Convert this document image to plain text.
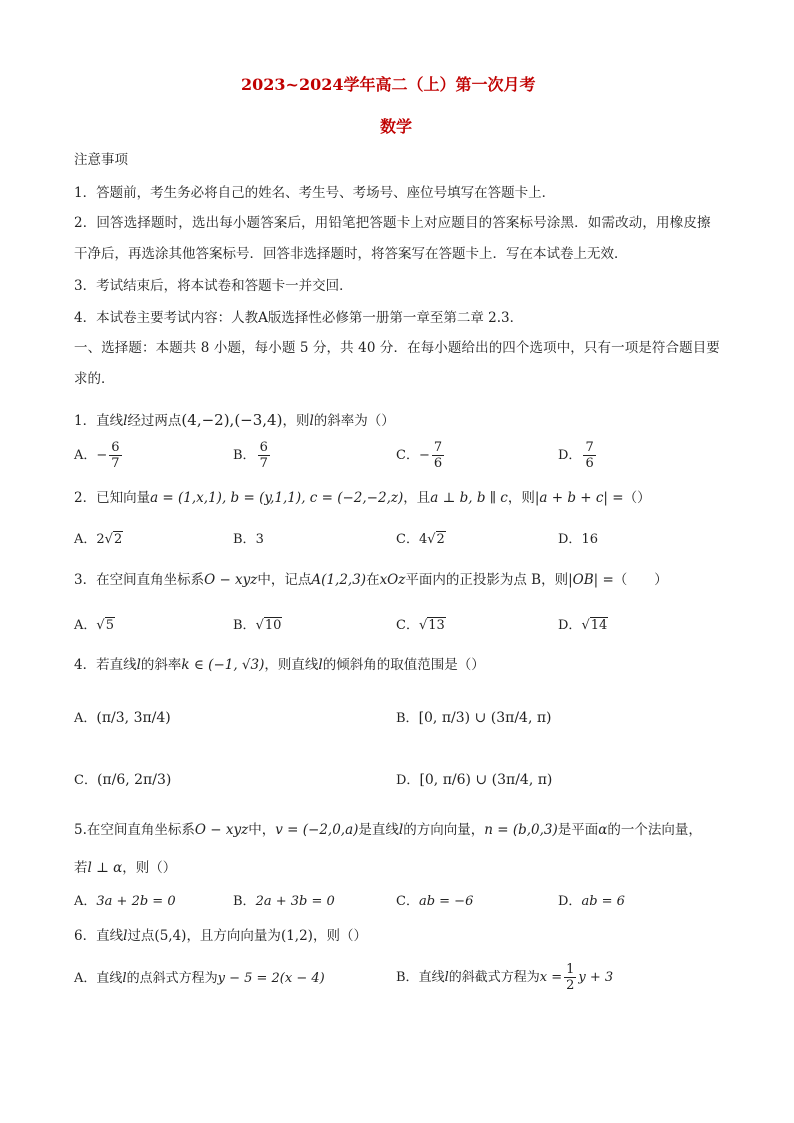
2023~2024学年高二（上）第一次月考
数学
注意事项
1．答题前，考生务必将自己的姓名、考生号、考场号、座位号填写在答题卡上．
2．回答选择题时，选出每小题答案后，用铅笔把答题卡上对应题目的答案标号涂黑．如需改动，用橡皮擦
干净后，再选涂其他答案标号．回答非选择题时，将答案写在答题卡上．写在本试卷上无效．
3．考试结束后，将本试卷和答题卡一并交回．
4．本试卷主要考试内容：人教A版选择性必修第一册第一章至第二章 2.3．
一、选择题：本题共 8 小题，每小题 5 分，共 40 分．在每小题给出的四个选项中，只有一项是符合题目要
求的．
1．直线l经过两点(4,−2),(−3,4)，则l的斜率为（）
A．− $\frac{6}{7}$	B． $\frac{6}{7}$	C．− $\frac{7}{6}$	D． $\frac{7}{6}$
2．已知向量a = (1,x,1), b = (y,1,1), c = (−2,−2,z)，且a ⊥ b, b ∥ c，则|a + b + c| =（）
A．2√2	B．3	C．4√2	D．16
3．在空间直角坐标系O − xyz中，记点A(1,2,3)在xOz平面内的正投影为点 B，则|OB| =（　　）
A．√5	B．√10	C．√13	D．√14
4．若直线l的斜率k ∈ (−1, √3)，则直线l的倾斜角的取值范围是（）
A．(π/3, 3π/4)	B．[0, π/3) ∪ (3π/4, π)
C．(π/6, 2π/3)	D．[0, π/6) ∪ (3π/4, π)
5.在空间直角坐标系O − xyz中，v = (−2,0,a)是直线l的方向向量，n = (b,0,3)是平面α的一个法向量，
若l ⊥ α，则（）
A．3a + 2b = 0	B．2a + 3b = 0	C．ab = −6	D．ab = 6
6．直线l过点(5,4)，且方向向量为(1,2)，则（）
A．直线l的点斜式方程为y − 5 = 2(x − 4)	B．直线l的斜截式方程为$x = \frac{1}{2}$ y + 3
